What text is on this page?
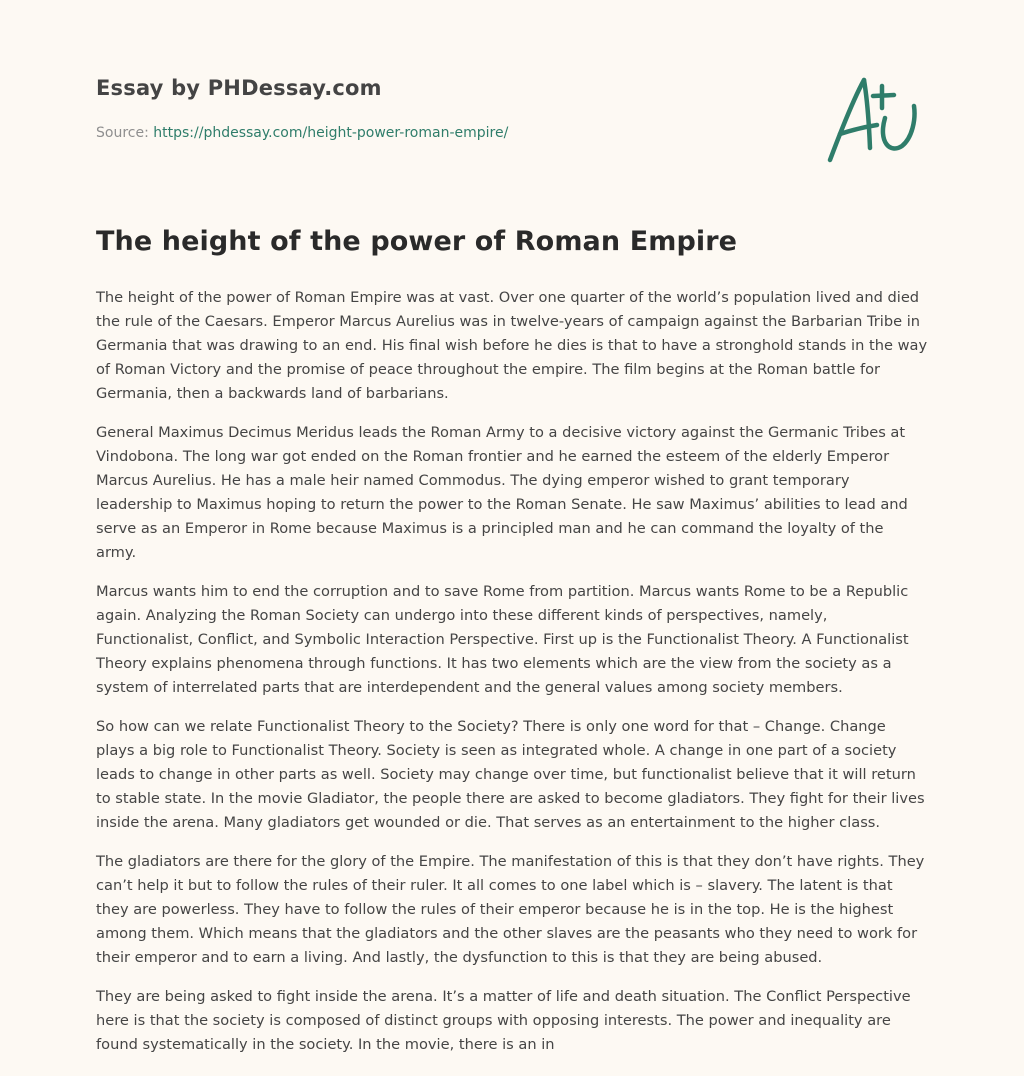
Essay by PHDessay.com
Source: https://phdessay.com/height-power-roman-empire/
The height of the power of Roman Empire

The height of the power of Roman Empire was at vast. Over one quarter of the world’s population lived and died the rule of the Caesars. Emperor Marcus Aurelius was in twelve-years of campaign against the Barbarian Tribe in Germania that was drawing to an end. His final wish before he dies is that to have a stronghold stands in the way of Roman Victory and the promise of peace throughout the empire. The film begins at the Roman battle for Germania, then a backwards land of barbarians.

General Maximus Decimus Meridus leads the Roman Army to a decisive victory against the Germanic Tribes at Vindobona. The long war got ended on the Roman frontier and he earned the esteem of the elderly Emperor Marcus Aurelius. He has a male heir named Commodus. The dying emperor wished to grant temporary leadership to Maximus hoping to return the power to the Roman Senate. He saw Maximus’ abilities to lead and serve as an Emperor in Rome because Maximus is a principled man and he can command the loyalty of the army.

Marcus wants him to end the corruption and to save Rome from partition. Marcus wants Rome to be a Republic again. Analyzing the Roman Society can undergo into these different kinds of perspectives, namely, Functionalist, Conflict, and Symbolic Interaction Perspective. First up is the Functionalist Theory. A Functionalist Theory explains phenomena through functions. It has two elements which are the view from the society as a system of interrelated parts that are interdependent and the general values among society members.

So how can we relate Functionalist Theory to the Society? There is only one word for that – Change. Change plays a big role to Functionalist Theory. Society is seen as integrated whole. A change in one part of a society leads to change in other parts as well. Society may change over time, but functionalist believe that it will return to stable state. In the movie Gladiator, the people there are asked to become gladiators. They fight for their lives inside the arena. Many gladiators get wounded or die. That serves as an entertainment to the higher class.

The gladiators are there for the glory of the Empire. The manifestation of this is that they don’t have rights. They can’t help it but to follow the rules of their ruler. It all comes to one label which is – slavery. The latent is that they are powerless. They have to follow the rules of their emperor because he is in the top. He is the highest among them. Which means that the gladiators and the other slaves are the peasants who they need to work for their emperor and to earn a living. And lastly, the dysfunction to this is that they are being abused.

They are being asked to fight inside the arena. It’s a matter of life and death situation. The Conflict Perspective here is that the society is composed of distinct groups with opposing interests. The power and inequality are found systematically in the society. In the movie, there is an in
